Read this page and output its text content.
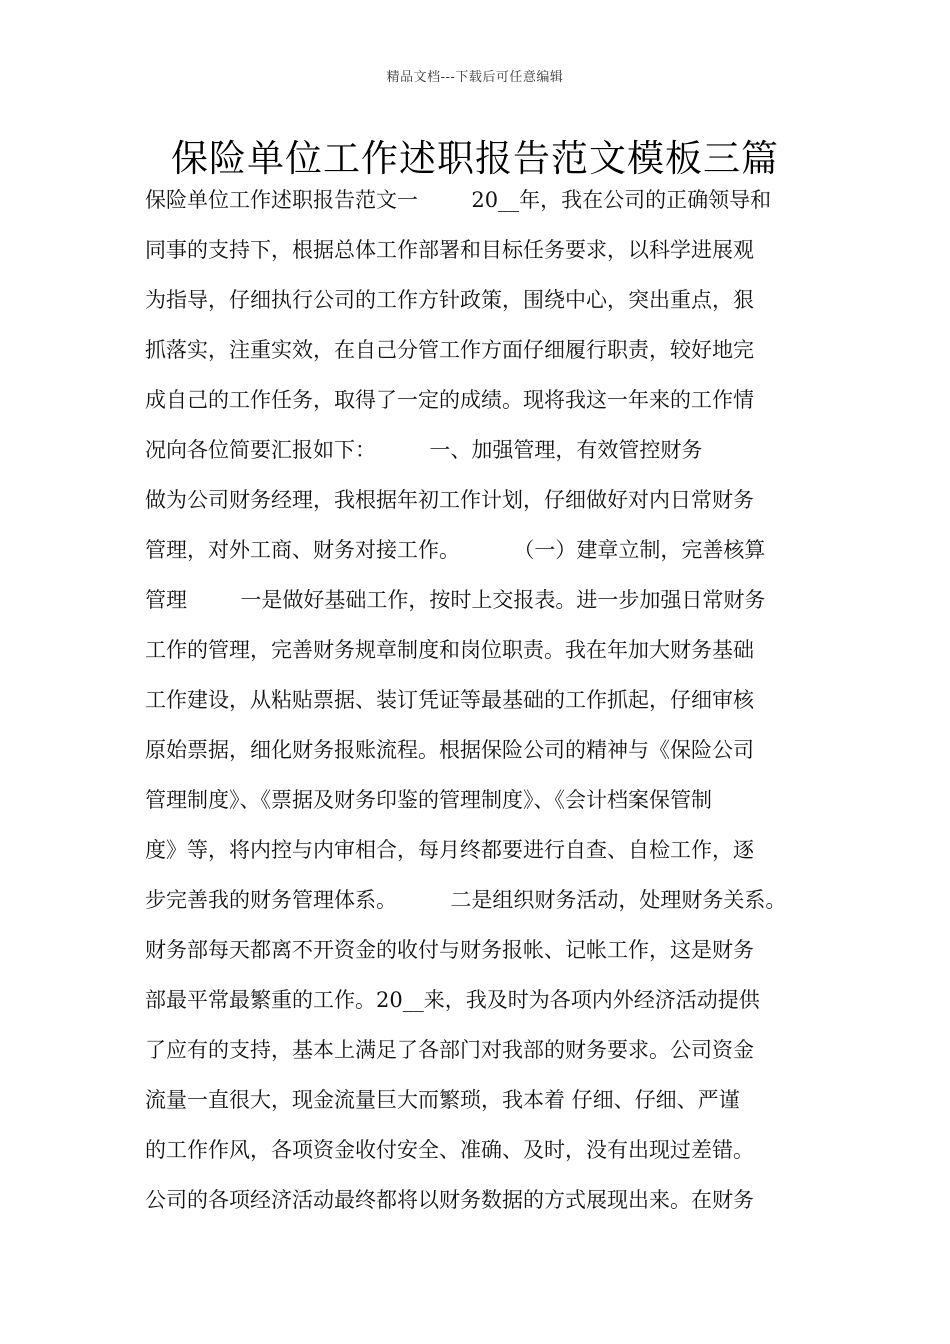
精品文档---下载后可任意编辑
保险单位工作述职报告范文模板三篇
保险单位工作述职报告范文一        20__年，我在公司的正确领导和
同事的支持下，根据总体工作部署和目标任务要求，以科学进展观
为指导，仔细执行公司的工作方针政策，围绕中心，突出重点，狠
抓落实，注重实效，在自己分管工作方面仔细履行职责，较好地完
成自己的工作任务，取得了一定的成绩。现将我这一年来的工作情
况向各位简要汇报如下：        一、加强管理，有效管控财务
做为公司财务经理，我根据年初工作计划，仔细做好对内日常财务
管理，对外工商、财务对接工作。        （一）建章立制，完善核算
管理        一是做好基础工作，按时上交报表。进一步加强日常财务
工作的管理，完善财务规章制度和岗位职责。我在年加大财务基础
工作建设，从粘贴票据、装订凭证等最基础的工作抓起，仔细审核
原始票据，细化财务报账流程。根据保险公司的精神与《保险公司
管理制度》、《票据及财务印鉴的管理制度》、《会计档案保管制
度》等，将内控与内审相合，每月终都要进行自查、自检工作，逐
步完善我的财务管理体系。        二是组织财务活动，处理财务关系。
财务部每天都离不开资金的收付与财务报帐、记帐工作，这是财务
部最平常最繁重的工作。20__来，我及时为各项内外经济活动提供
了应有的支持，基本上满足了各部门对我部的财务要求。公司资金
流量一直很大，现金流量巨大而繁琐，我本着 仔细、仔细、严谨
的工作作风，各项资金收付安全、准确、及时，没有出现过差错。
公司的各项经济活动最终都将以财务数据的方式展现出来。在财务
